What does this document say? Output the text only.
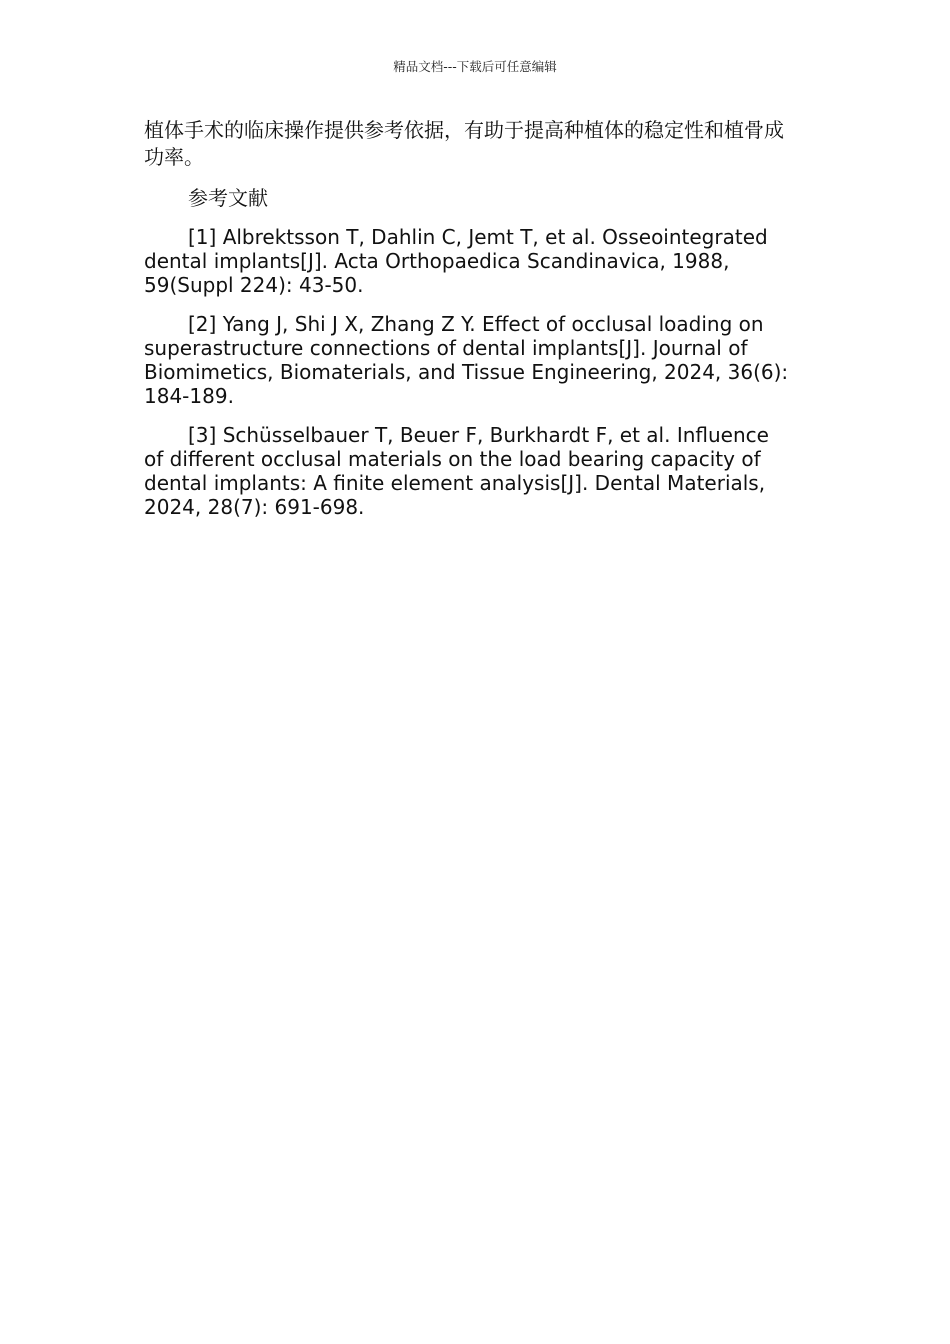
精品文档---下载后可任意编辑

植体手术的临床操作提供参考依据，有助于提高种植体的稳定性和植骨成功率。

参考文献

[1] Albrektsson T, Dahlin C, Jemt T, et al. Osseointegrated dental implants[J]. Acta Orthopaedica Scandinavica, 1988, 59(Suppl 224): 43-50.

[2] Yang J, Shi J X, Zhang Z Y. Effect of occlusal loading on superastructure connections of dental implants[J]. Journal of Biomimetics, Biomaterials, and Tissue Engineering, 2024, 36(6): 184-189.

[3] Schüsselbauer T, Beuer F, Burkhardt F, et al. Influence of different occlusal materials on the load bearing capacity of dental implants: A finite element analysis[J]. Dental Materials, 2024, 28(7): 691-698.
